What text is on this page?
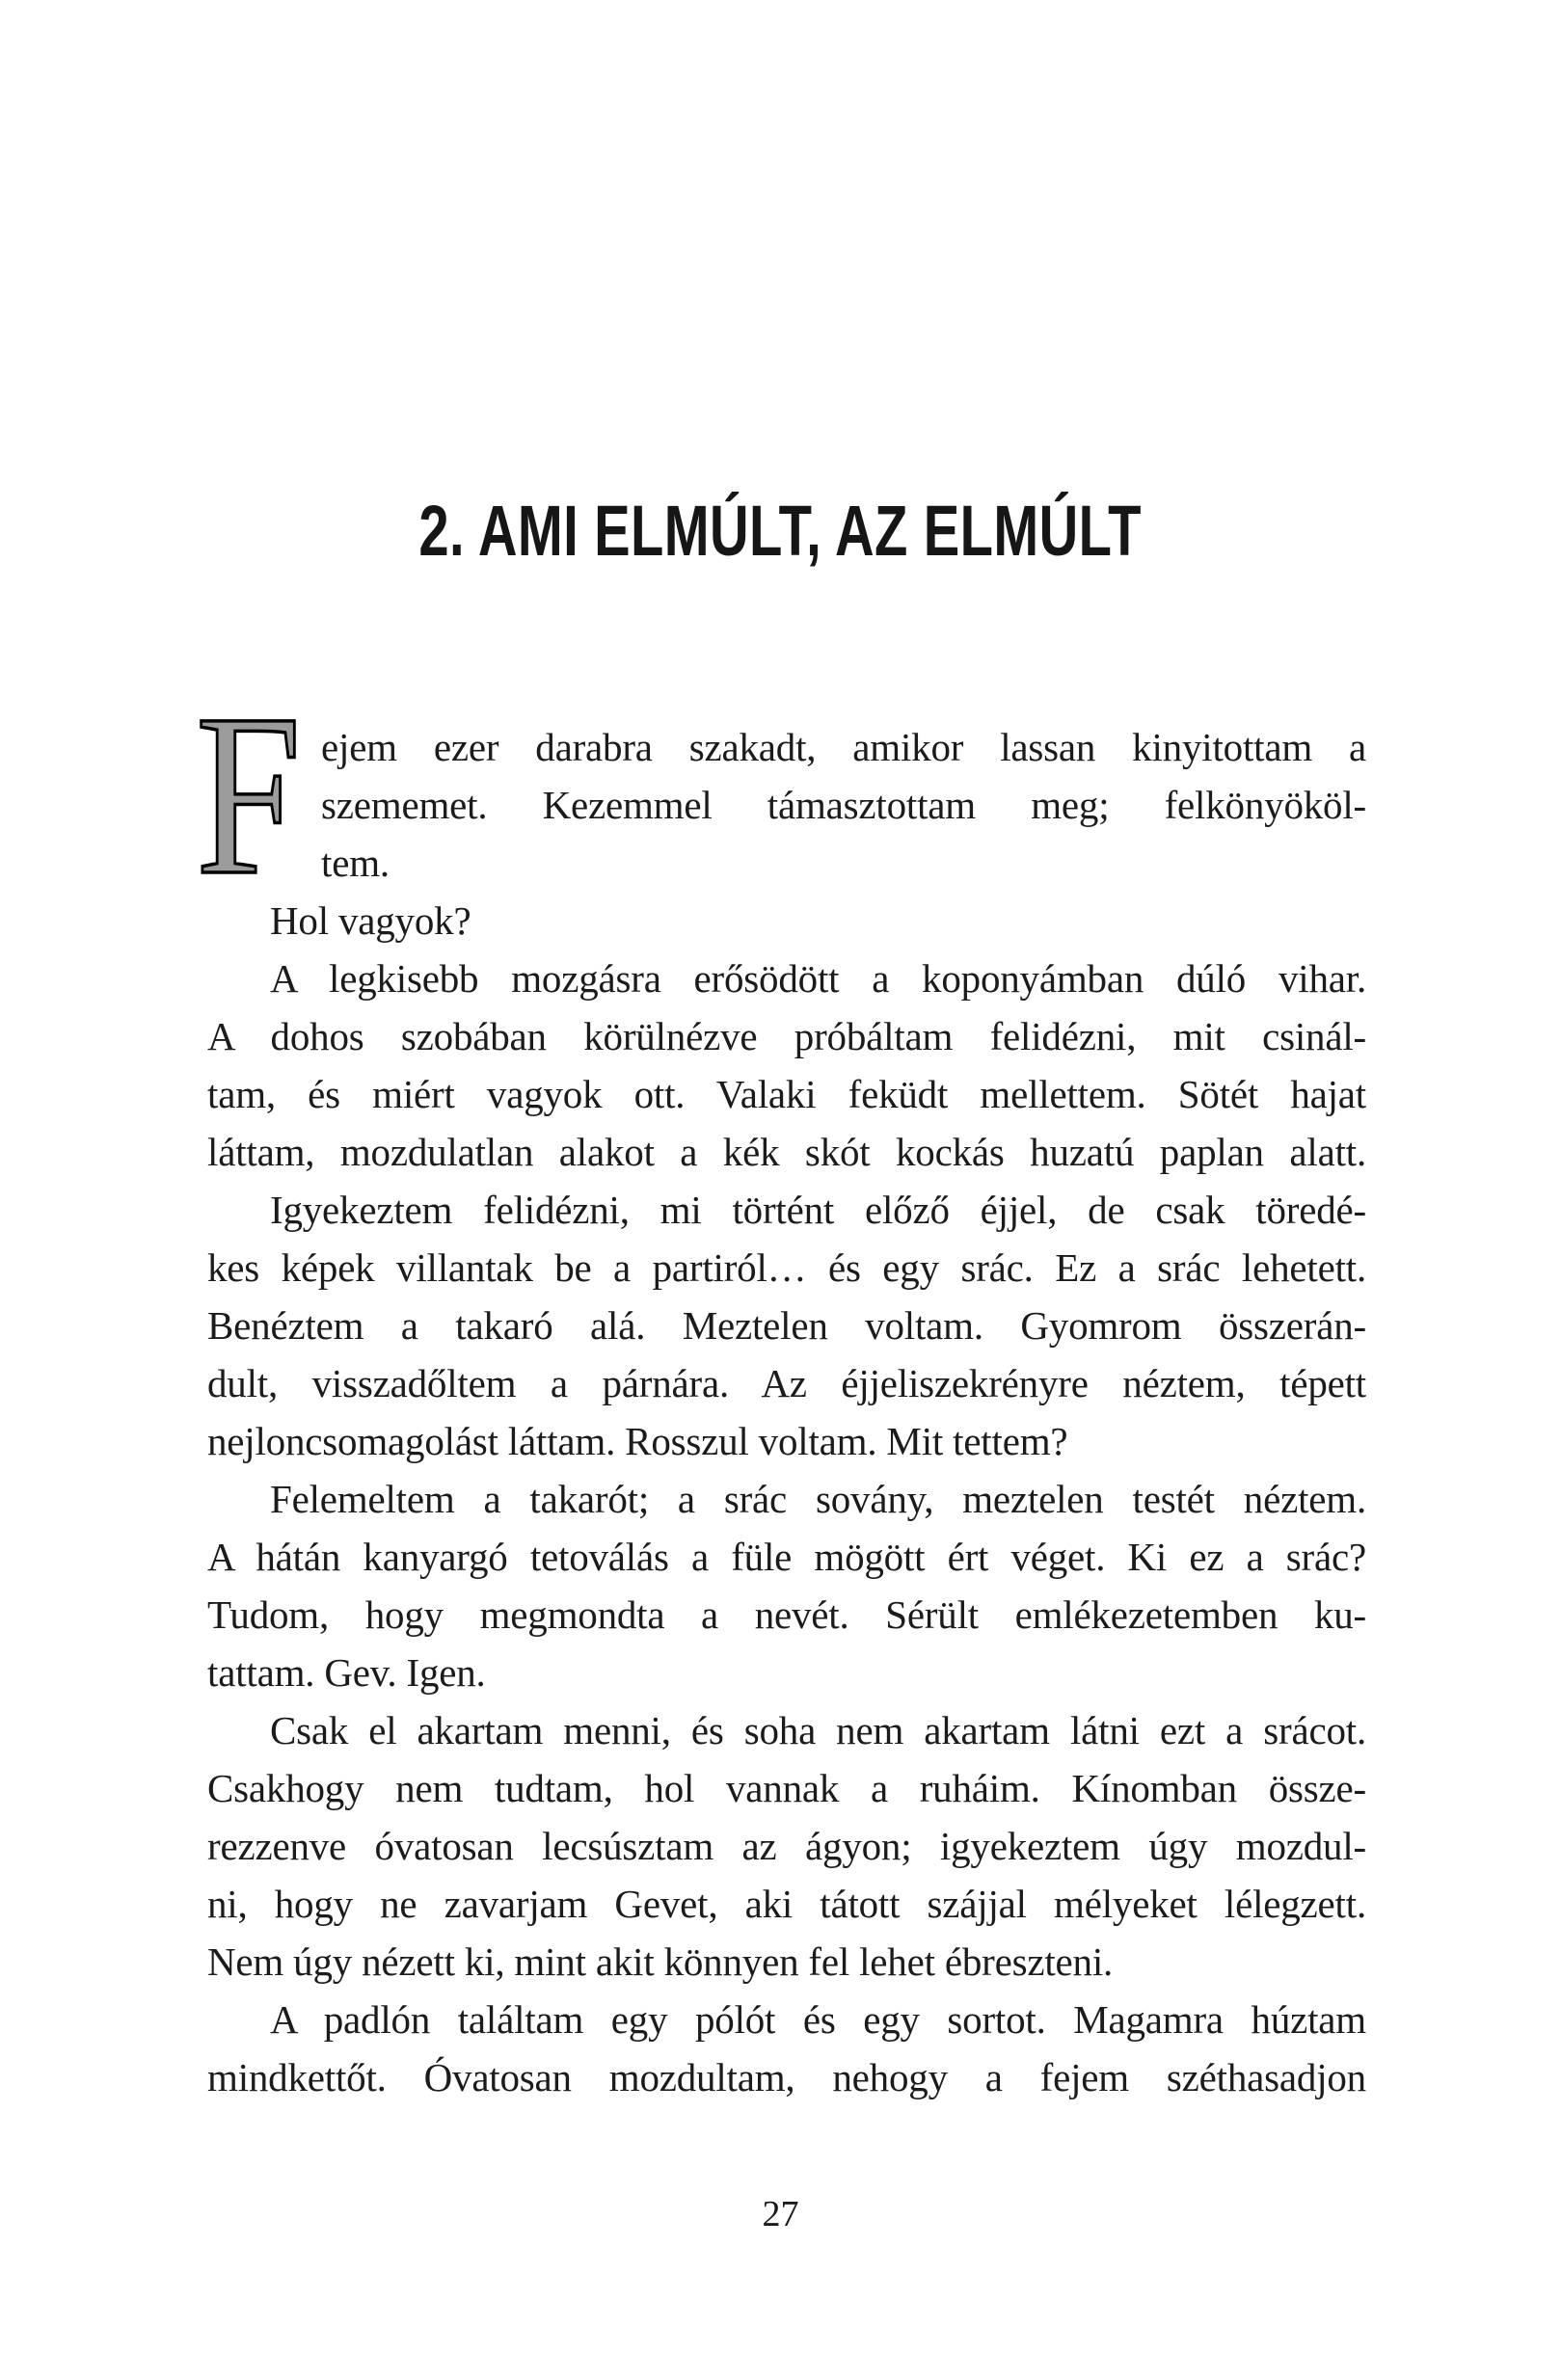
2. AMI ELMÚLT, AZ ELMÚLT
F ejem ezer darabra szakadt, amikor lassan kinyitottam a
szememet. Kezemmel támasztottam meg; felkönyököl-
tem.
Hol vagyok?
A legkisebb mozgásra erősödött a koponyámban dúló vihar.
A dohos szobában körülnézve próbáltam felidézni, mit csinál-
tam, és miért vagyok ott. Valaki feküdt mellettem. Sötét hajat
láttam, mozdulatlan alakot a kék skót kockás huzatú paplan alatt.
Igyekeztem felidézni, mi történt előző éjjel, de csak töredé-
kes képek villantak be a partiról… és egy srác. Ez a srác lehetett.
Benéztem a takaró alá. Meztelen voltam. Gyomrom összerán-
dult, visszadőltem a párnára. Az éjjeliszekrényre néztem, tépett
nejloncsomagolást láttam. Rosszul voltam. Mit tettem?
Felemeltem a takarót; a srác sovány, meztelen testét néztem.
A hátán kanyargó tetoválás a füle mögött ért véget. Ki ez a srác?
Tudom, hogy megmondta a nevét. Sérült emlékezetemben ku-
tattam. Gev. Igen.
Csak el akartam menni, és soha nem akartam látni ezt a srácot.
Csakhogy nem tudtam, hol vannak a ruháim. Kínomban össze-
rezzenve óvatosan lecsúsztam az ágyon; igyekeztem úgy mozdul-
ni, hogy ne zavarjam Gevet, aki tátott szájjal mélyeket lélegzett.
Nem úgy nézett ki, mint akit könnyen fel lehet ébreszteni.
A padlón találtam egy pólót és egy sortot. Magamra húztam
mindkettőt. Óvatosan mozdultam, nehogy a fejem széthasadjon
27
